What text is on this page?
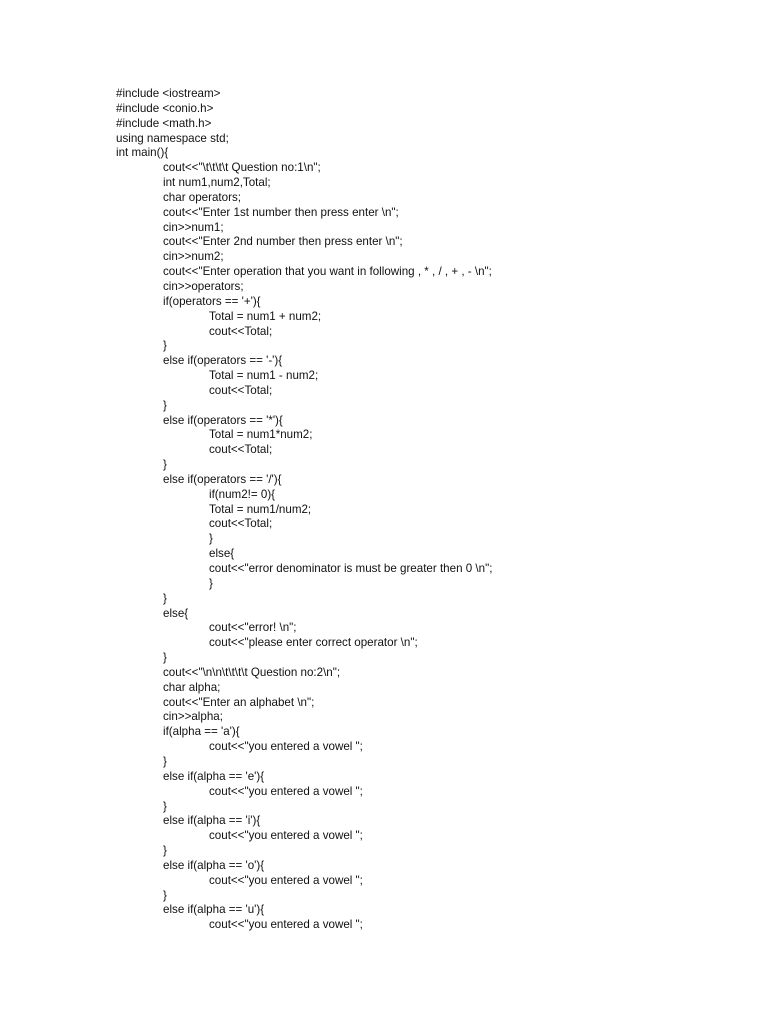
#include <iostream>
#include <conio.h>
#include <math.h>
using namespace std;
int main(){
cout<<"\t\t\t\t Question no:1\n";
int num1,num2,Total;
char operators;
cout<<"Enter 1st number then press enter \n";
cin>>num1;
cout<<"Enter 2nd number then press enter \n";
cin>>num2;
cout<<"Enter operation that you want in following , * , / , + , - \n";
cin>>operators;
if(operators == '+'){
Total = num1 + num2;
cout<<Total;
}
else if(operators == '-'){
Total = num1 - num2;
cout<<Total;
}
else if(operators == '*'){
Total = num1*num2;
cout<<Total;
}
else if(operators == '/'){
if(num2!= 0){
Total = num1/num2;
cout<<Total;
}
else{
cout<<"error denominator is must be greater then 0 \n";
}
}
else{
cout<<"error! \n";
cout<<"please enter correct operator \n";
}
cout<<"\n\n\t\t\t\t Question no:2\n";
char alpha;
cout<<"Enter an alphabet \n";
cin>>alpha;
if(alpha == 'a'){
cout<<"you entered a vowel ";
}
else if(alpha == 'e'){
cout<<"you entered a vowel ";
}
else if(alpha == 'i'){
cout<<"you entered a vowel ";
}
else if(alpha == 'o'){
cout<<"you entered a vowel ";
}
else if(alpha == 'u'){
cout<<"you entered a vowel ";
